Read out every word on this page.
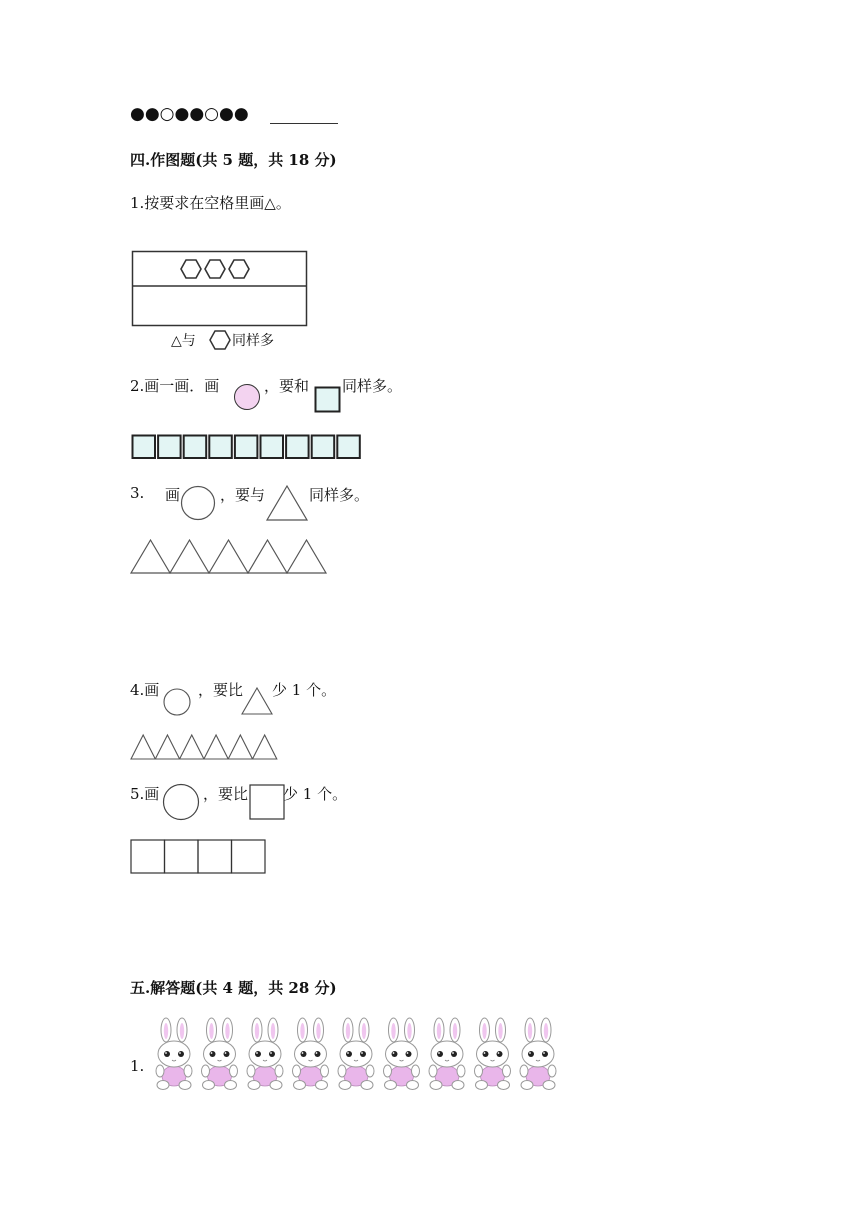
●●○●●○●●
四.作图题(共 5 题，共 18 分)
1.按要求在空格里画△。
△与	同样多
2.画一画．画	，要和 同样多。
3. 画	，要与	同样多。
4.画	，要比 少 1 个。
5.画	，要比 少 1 个。
五.解答题(共 4 题，共 28 分)
1.
